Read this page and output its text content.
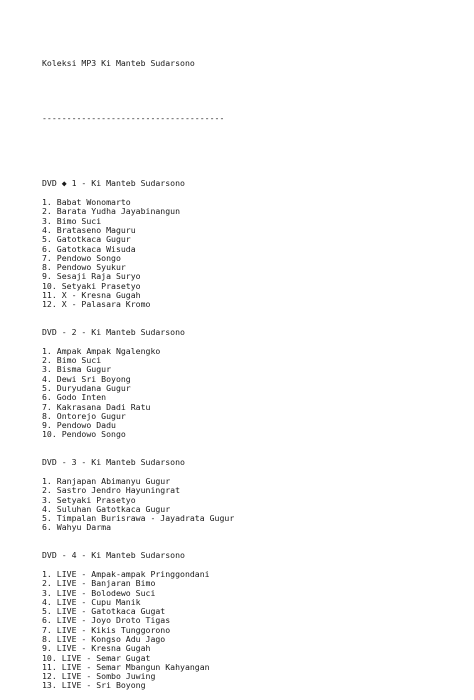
Koleksi MP3 Ki Manteb Sudarsono

-------------------------------------

DVD ◆ 1 - Ki Manteb Sudarsono
1. Babat Wonomarto
2. Barata Yudha Jayabinangun
3. Bimo Suci
4. Brataseno Maguru
5. Gatotkaca Gugur
6. Gatotkaca Wisuda
7. Pendowo Songo
8. Pendowo Syukur
9. Sesaji Raja Suryo
10. Setyaki Prasetyo
11. X - Kresna Gugah
12. X - Palasara Kromo
DVD - 2 - Ki Manteb Sudarsono
1. Ampak Ampak Ngalengko
2. Bimo Suci
3. Bisma Gugur
4. Dewi Sri Boyong
5. Duryudana Gugur
6. Godo Inten
7. Kakrasana Dadi Ratu
8. Ontorejo Gugur
9. Pendowo Dadu
10. Pendowo Songo
DVD - 3 - Ki Manteb Sudarsono
1. Ranjapan Abimanyu Gugur
2. Sastro Jendro Hayuningrat
3. Setyaki Prasetyo
4. Suluhan Gatotkaca Gugur
5. Timpalan Burisrawa - Jayadrata Gugur
6. Wahyu Darma
DVD - 4 - Ki Manteb Sudarsono
1. LIVE - Ampak-ampak Pringgondani
2. LIVE - Banjaran Bimo
3. LIVE - Bolodewo Suci
4. LIVE - Cupu Manik
5. LIVE - Gatotkaca Gugat
6. LIVE - Joyo Droto Tigas
7. LIVE - Kikis Tunggorono
8. LIVE - Kongso Adu Jago
9. LIVE - Kresna Gugah
10. LIVE - Semar Gugat
11. LIVE - Semar Mbangun Kahyangan
12. LIVE - Sombo Juwing
13. LIVE - Sri Boyong
